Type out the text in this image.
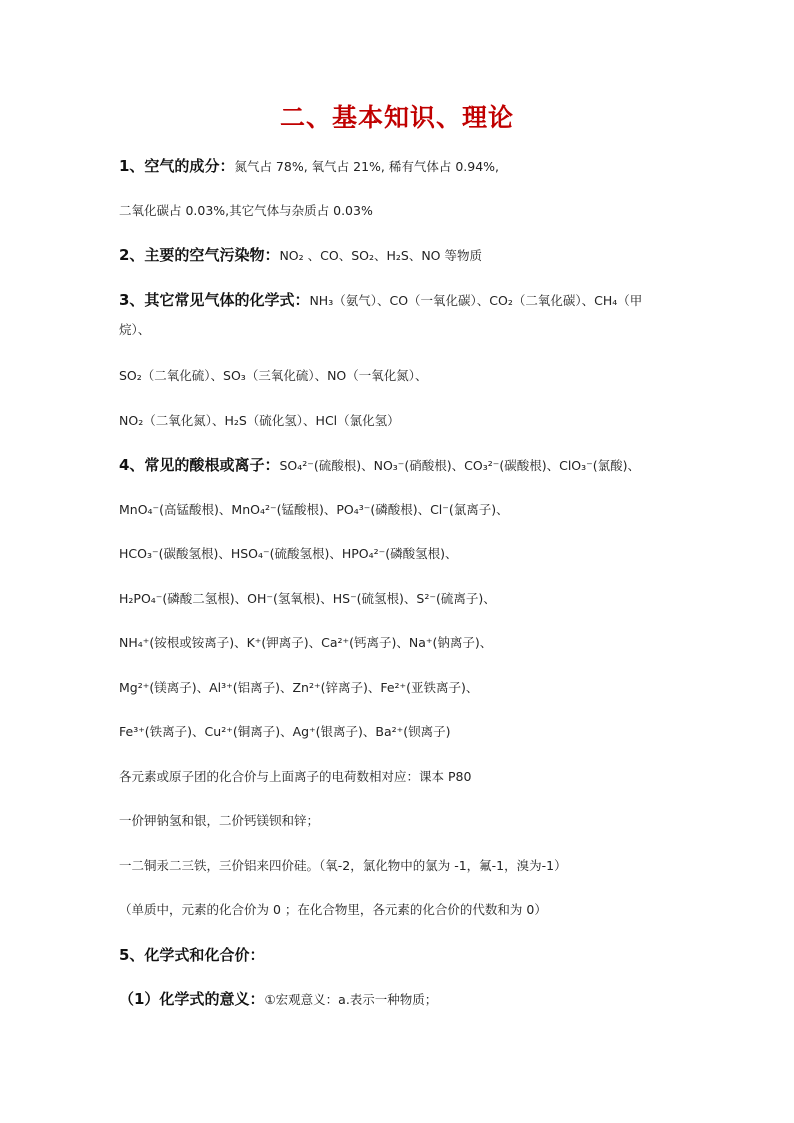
二、基本知识、理论
1、空气的成分：氮气占 78%, 氧气占 21%, 稀有气体占 0.94%,
二氧化碳占 0.03%,其它气体与杂质占 0.03%
2、主要的空气污染物：NO₂ 、CO、SO₂、H₂S、NO 等物质
3、其它常见气体的化学式：NH₃（氨气）、CO（一氧化碳）、CO₂（二氧化碳）、CH₄（甲
烷）、
SO₂（二氧化硫）、SO₃（三氧化硫）、NO（一氧化氮）、
NO₂（二氧化氮）、H₂S（硫化氢）、HCl（氯化氢）
4、常见的酸根或离子：SO₄²⁻(硫酸根)、NO₃⁻(硝酸根)、CO₃²⁻(碳酸根)、ClO₃⁻(氯酸)、
MnO₄⁻(高锰酸根)、MnO₄²⁻(锰酸根)、PO₄³⁻(磷酸根)、Cl⁻(氯离子)、
HCO₃⁻(碳酸氢根)、HSO₄⁻(硫酸氢根)、HPO₄²⁻(磷酸氢根)、
H₂PO₄⁻(磷酸二氢根)、OH⁻(氢氧根)、HS⁻(硫氢根)、S²⁻(硫离子)、
NH₄⁺(铵根或铵离子)、K⁺(钾离子)、Ca²⁺(钙离子)、Na⁺(钠离子)、
Mg²⁺(镁离子)、Al³⁺(铝离子)、Zn²⁺(锌离子)、Fe²⁺(亚铁离子)、
Fe³⁺(铁离子)、Cu²⁺(铜离子)、Ag⁺(银离子)、Ba²⁺(钡离子)
各元素或原子团的化合价与上面离子的电荷数相对应：课本 P80
一价钾钠氢和银，二价钙镁钡和锌；
一二铜汞二三铁，三价铝来四价硅。（氧-2，氯化物中的氯为 -1，氟-1，溴为-1）
（单质中，元素的化合价为 0 ；在化合物里，各元素的化合价的代数和为 0）
5、化学式和化合价：
（1）化学式的意义：①宏观意义：a.表示一种物质；
